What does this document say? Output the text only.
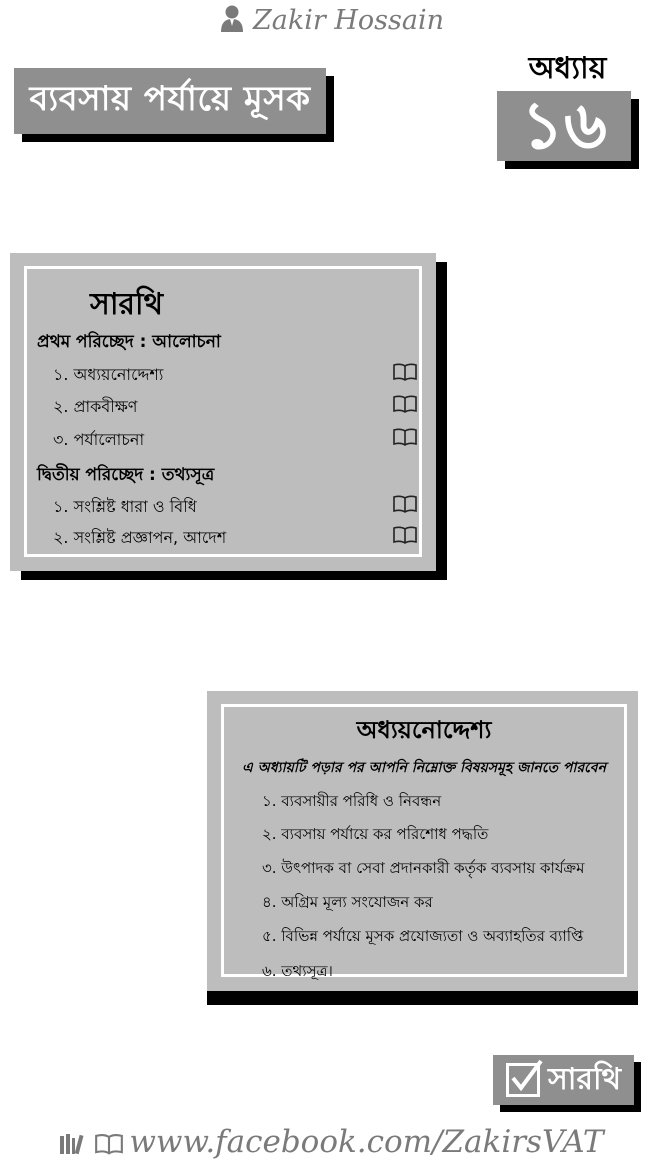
Zakir Hossain
ব্যবসায় পর্যায়ে মূসক
অধ্যায়
১৬
সারথি
প্রথম পরিচ্ছেদ : আলোচনা
১. অধ্যয়নোদ্দেশ্য
২. প্রাকবীক্ষণ
৩. পর্যালোচনা
দ্বিতীয় পরিচ্ছেদ : তথ্যসূত্র
১. সংশ্লিষ্ট ধারা ও বিধি
২. সংশ্লিষ্ট প্রজ্ঞাপন, আদেশ
অধ্যয়নোদ্দেশ্য
এ অধ্যায়টি পড়ার পর আপনি নিম্নোক্ত বিষয়সমূহ জানতে পারবেন
১. ব্যবসায়ীর পরিধি ও নিবন্ধন
২. ব্যবসায় পর্যায়ে কর পরিশোধ পদ্ধতি
৩. উৎপাদক বা সেবা প্রদানকারী কর্তৃক ব্যবসায় কার্যক্রম
৪. অগ্রিম মূল্য সংযোজন কর
৫. বিভিন্ন পর্যায়ে মূসক প্রযোজ্যতা ও অব্যাহতির ব্যাপ্তি
৬. তথ্যসূত্র।
সারথি
www.facebook.com/ZakirsVAT
